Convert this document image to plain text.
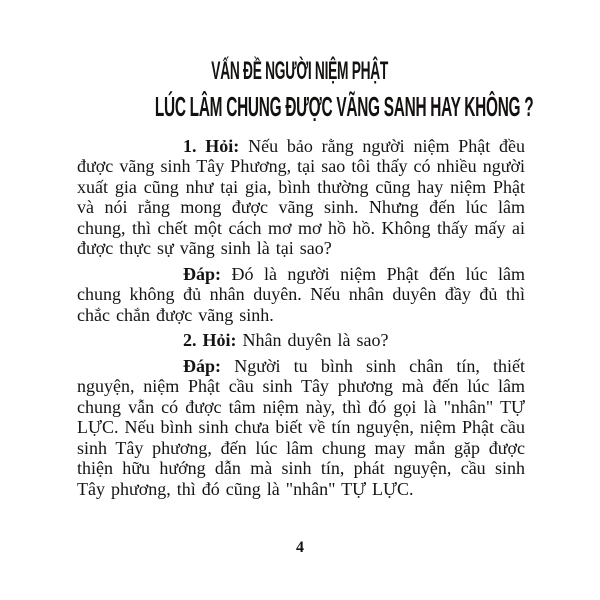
VẤN ĐỀ NGƯỜI NIỆM PHẬT
LÚC LÂM CHUNG ĐƯỢC VÃNG SANH HAY KHÔNG ?

1. Hỏi: Nếu bảo rằng người niệm Phật đều được vãng sinh Tây Phương, tại sao tôi thấy có nhiều người xuất gia cũng như tại gia, bình thường cũng hay niệm Phật và nói rằng mong được vãng sinh. Nhưng đến lúc lâm chung, thì chết một cách mơ mơ hồ hồ. Không thấy mấy ai được thực sự vãng sinh là tại sao?

Đáp: Đó là người niệm Phật đến lúc lâm chung không đủ nhân duyên. Nếu nhân duyên đầy đủ thì chắc chắn được vãng sinh.

2. Hỏi: Nhân duyên là sao?

Đáp: Người tu bình sinh chân tín, thiết nguyện, niệm Phật cầu sinh Tây phương mà đến lúc lâm chung vẫn có được tâm niệm này, thì đó gọi là "nhân" TỰ LỰC. Nếu bình sinh chưa biết về tín nguyện, niệm Phật cầu sinh Tây phương, đến lúc lâm chung may mắn gặp được thiện hữu hướng dẫn mà sinh tín, phát nguyện, cầu sinh Tây phương, thì đó cũng là "nhân" TỰ LỰC.

4
